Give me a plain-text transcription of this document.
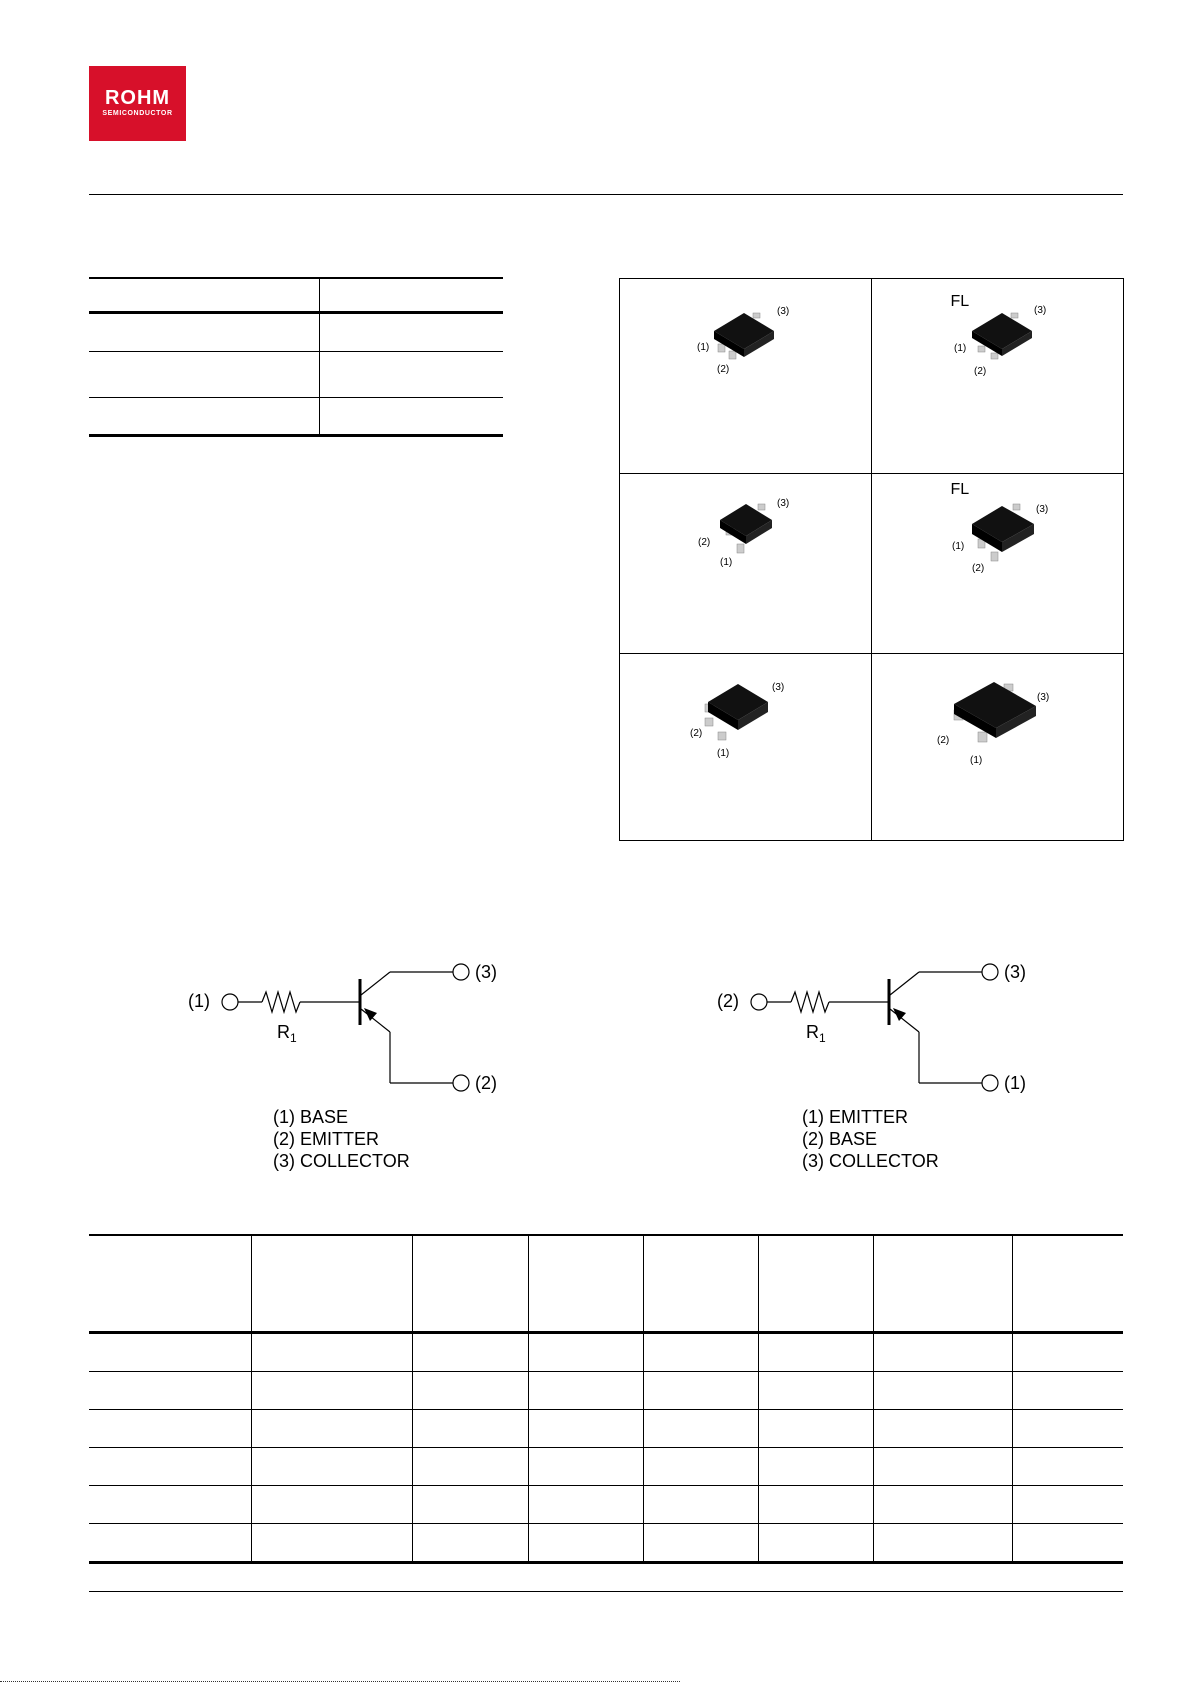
ROHM
SEMICONDUCTOR

(3)
(1)
(2)
FL
(3)
(1)
(2)
(3)
(2)
(1)
FL
(3)
(1)
(2)
(3)
(2)
(1)
(3)
(2)
(1)
(1)
(3)
(2)
$R_1$
(1) BASE
(2) EMITTER
(3) COLLECTOR
(2)
(3)
(1)
$R_1$
(1) EMITTER
(2) BASE
(3) COLLECTOR
